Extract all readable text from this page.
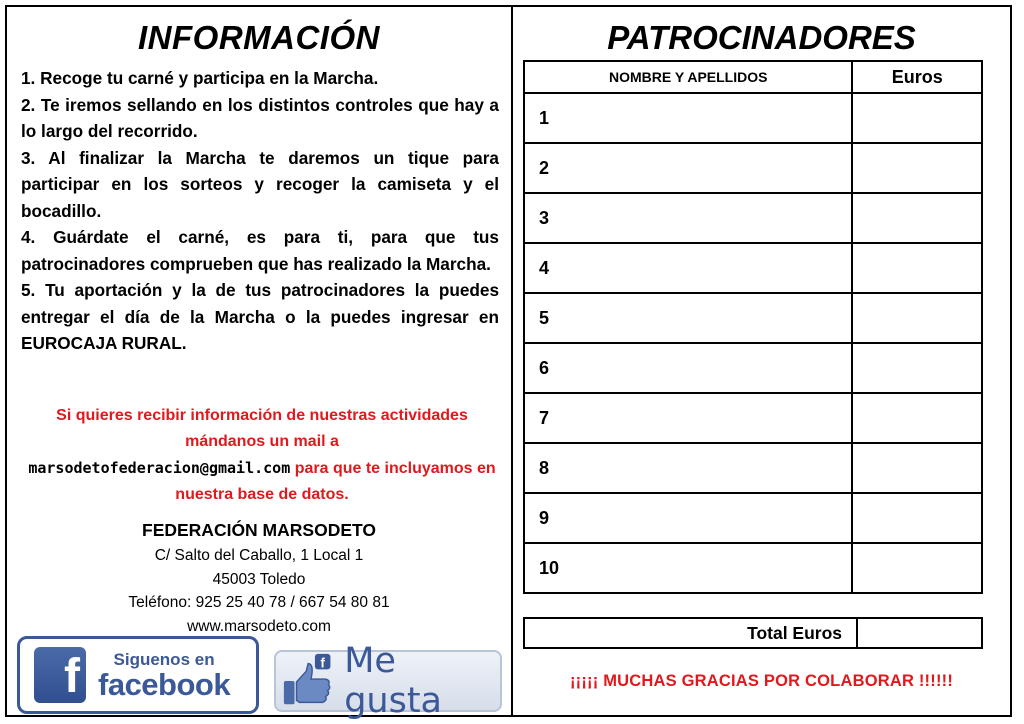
INFORMACIÓN
1. Recoge tu carné y participa en la Marcha.
2. Te iremos sellando en los distintos controles que hay a lo largo del recorrido.
3. Al finalizar la Marcha te daremos un tique para participar en los sorteos y recoger la camiseta y el bocadillo.
4. Guárdate el carné, es para ti, para que tus patrocinadores comprueben que has realizado la Marcha.
5. Tu aportación y la de tus patrocinadores la puedes entregar el día de la Marcha o la puedes ingresar en EUROCAJA RURAL.
Si quieres recibir información de nuestras actividades mándanos un mail a
marsodetofederacion@gmail.com para que te incluyamos en nuestra base de datos.
FEDERACIÓN MARSODETO
C/ Salto del Caballo, 1 Local 1
45003 Toledo
Teléfono: 925 25 40 78 / 667 54 80 81
www.marsodeto.com
f	Siguenos en
facebook
f Me gusta
PATROCINADORES
NOMBRE Y APELLIDOS	Euros
1	
2	
3	
4	
5	
6	
7	
8	
9	
10	
Total Euros	
¡¡¡¡¡ MUCHAS GRACIAS POR COLABORAR !!!!!!
